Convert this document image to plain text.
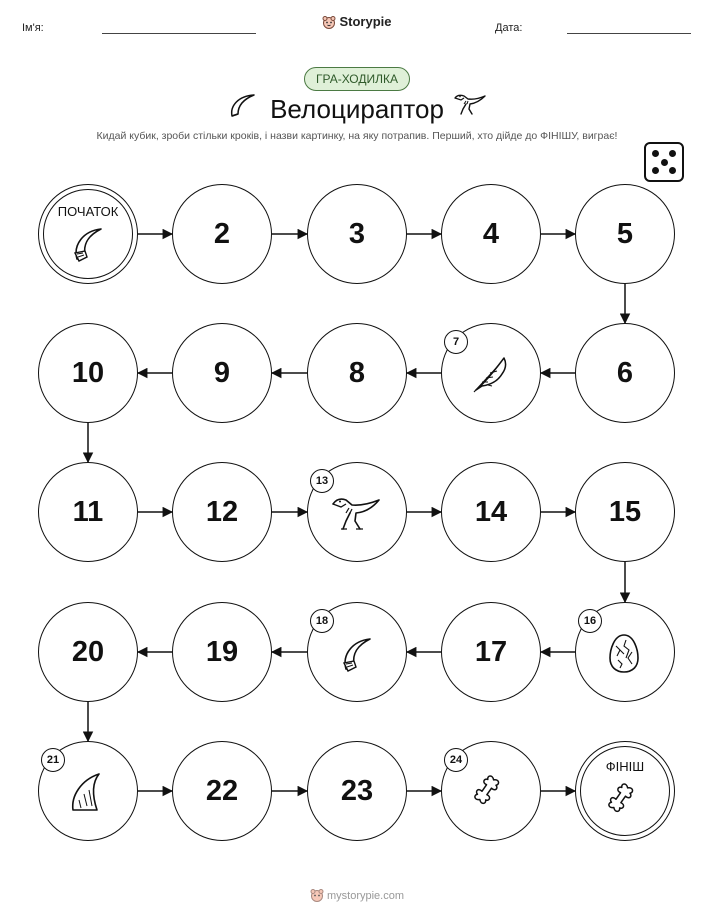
Ім'я:	Дата:
Storypie
ГРА-ХОДИЛКА
Велоцираптор
Кидай кубик, зроби стільки кроків, і назви картинку, на яку потрапив. Перший, хто дійде до ФІНІШУ, виграє!
ПОЧАТОК
2	3	4	5
6
7
8
9
10
11	12
13
14	15
16
17
18
19
20
21
22	23
24	ФІНІШ
mystorypie.com
